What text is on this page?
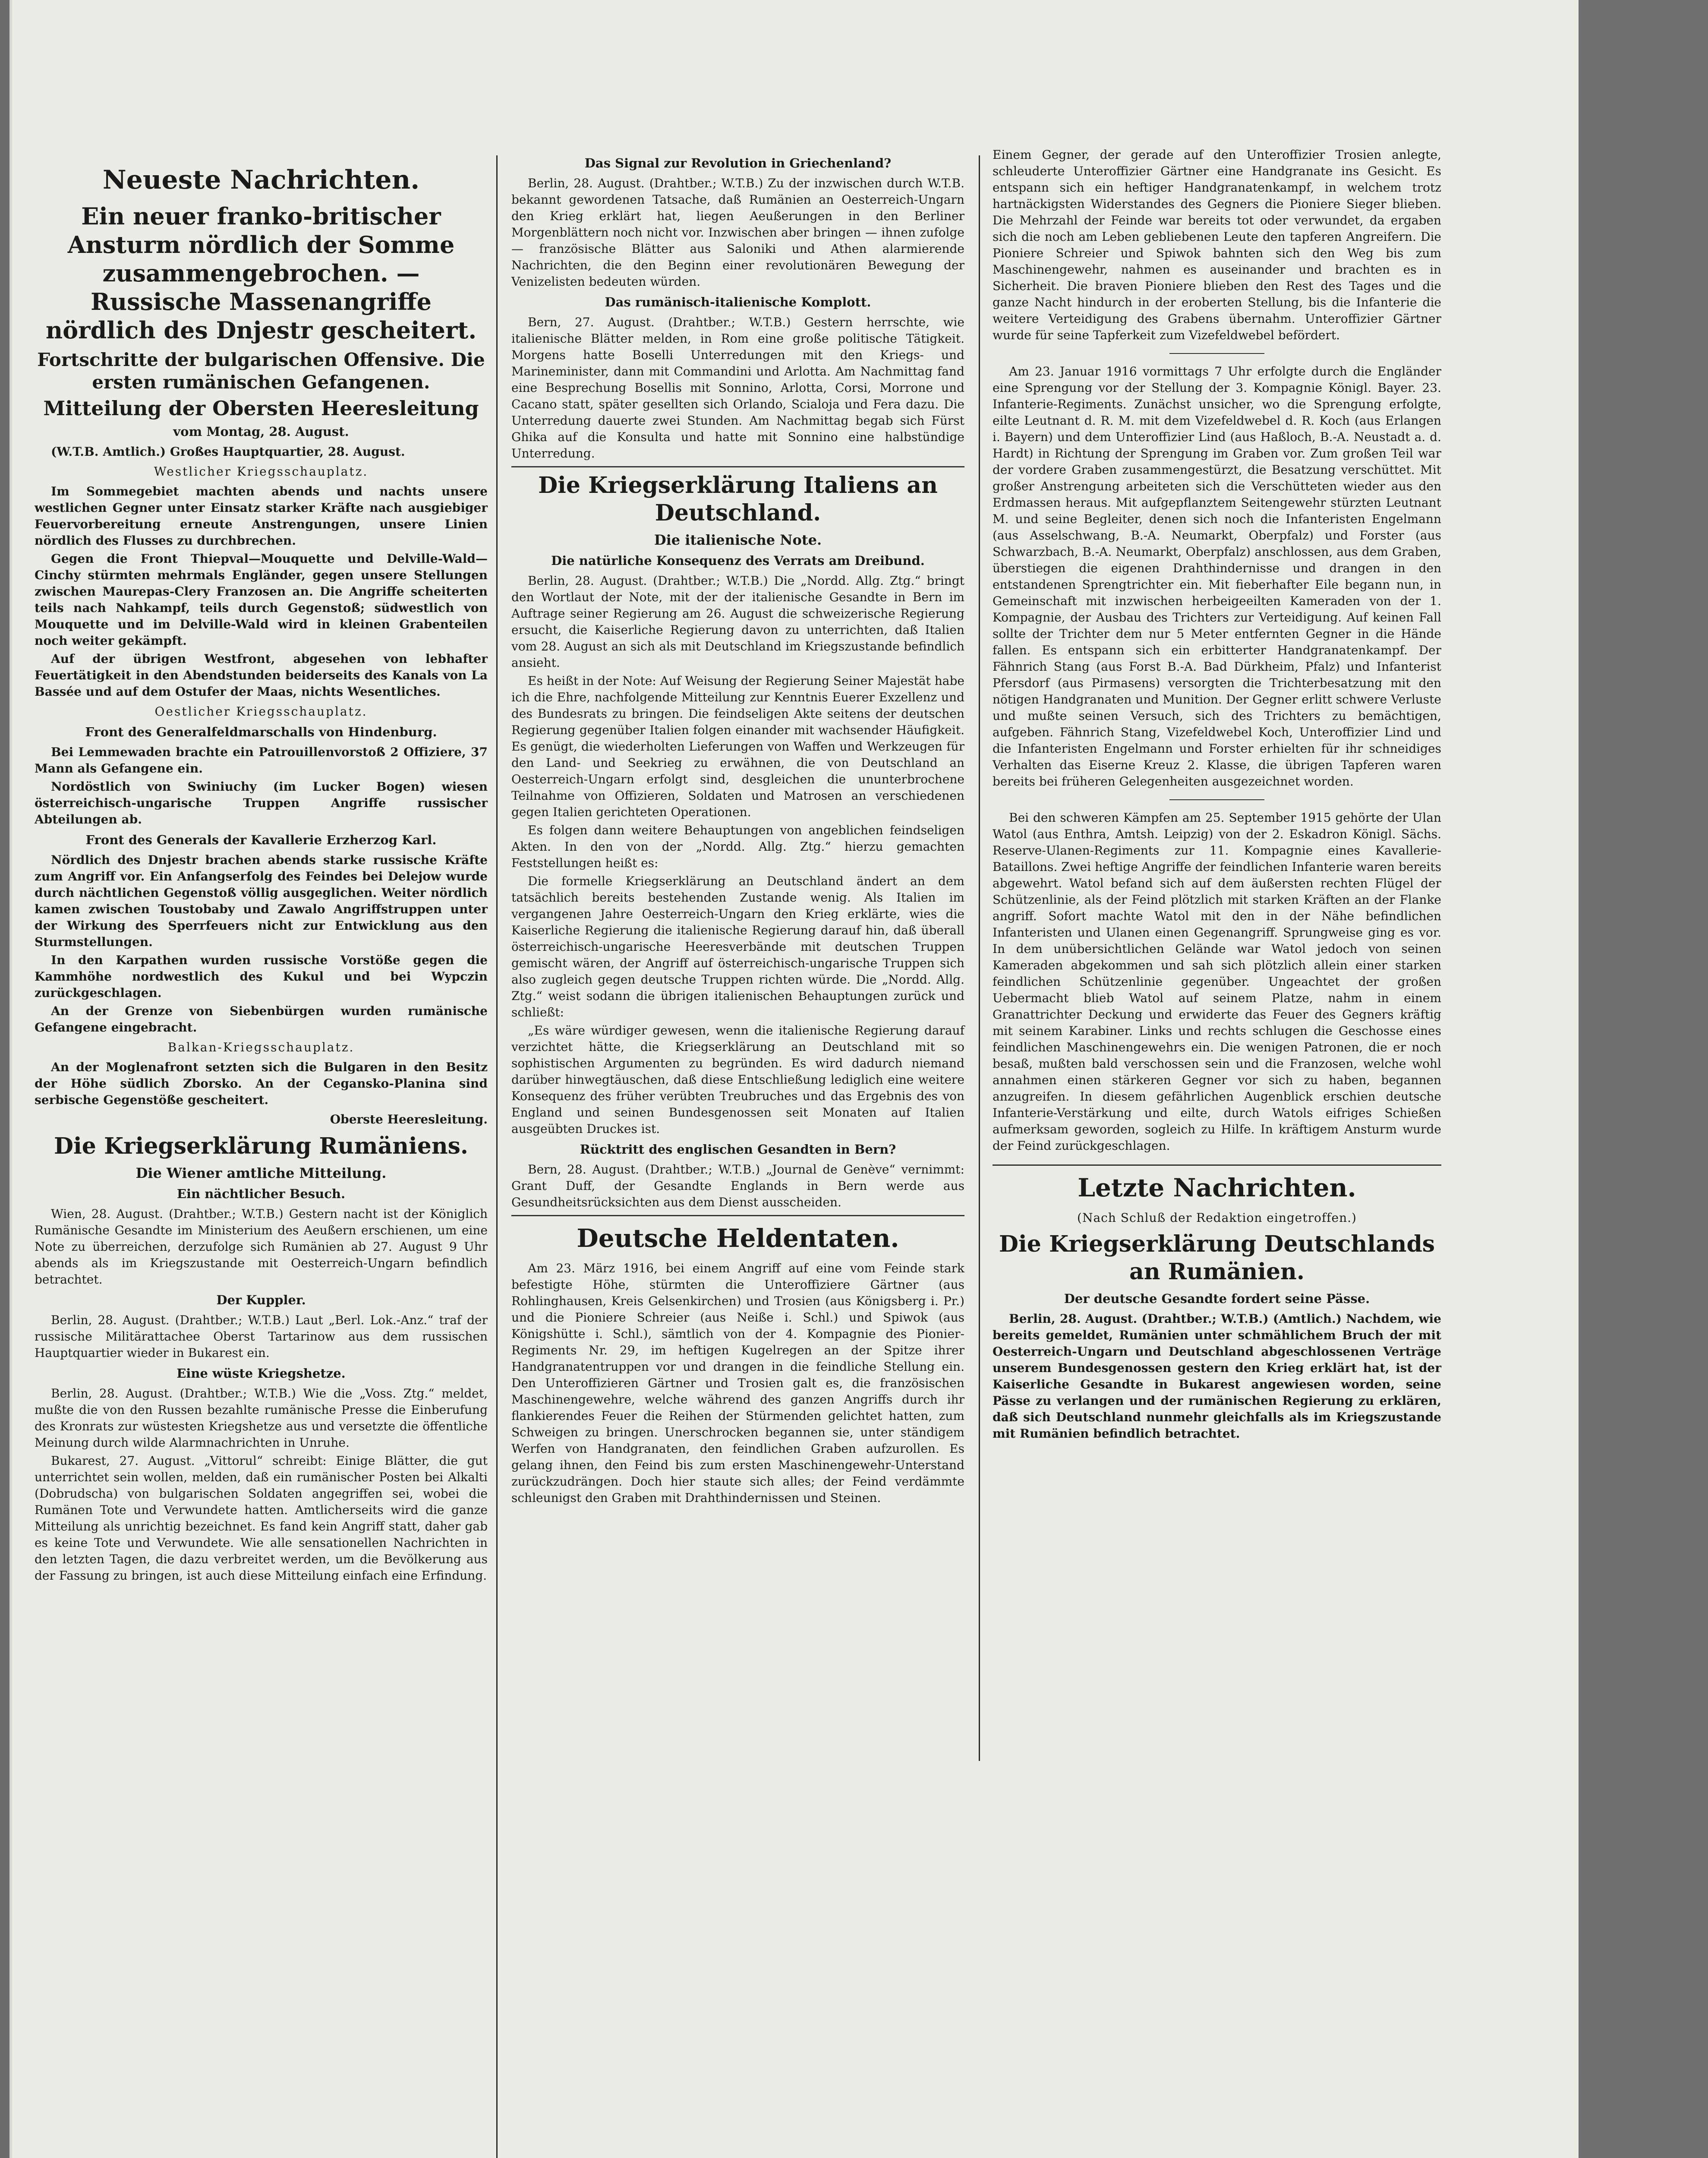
Neueste Nachrichten.
Ein neuer franko-britischer Ansturm nördlich der Somme zusammengebrochen. — Russische Massenangriffe nördlich des Dnjestr gescheitert.
Fortschritte der bulgarischen Offensive. Die ersten rumänischen Gefangenen.
Mitteilung der Obersten Heeresleitung
vom Montag, 28. August.

(W.T.B. Amtlich.) Großes Hauptquartier, 28. August.

Westlicher Kriegsschauplatz.

Im Sommegebiet machten abends und nachts unsere westlichen Gegner unter Einsatz starker Kräfte nach ausgiebiger Feuervorbereitung erneute Anstrengungen, unsere Linien nördlich des Flusses zu durchbrechen.

Gegen die Front Thiepval—Mouquette und Delville-Wald—Cinchy stürmten mehrmals Engländer, gegen unsere Stellungen zwischen Maurepas-Clery Franzosen an. Die Angriffe scheiterten teils nach Nahkampf, teils durch Gegenstoß; südwestlich von Mouquette und im Delville-Wald wird in kleinen Grabenteilen noch weiter gekämpft.

Auf der übrigen Westfront, abgesehen von lebhafter Feuertätigkeit in den Abendstunden beiderseits des Kanals von La Bassée und auf dem Ostufer der Maas, nichts Wesentliches.

Oestlicher Kriegsschauplatz.
Front des Generalfeldmarschalls von Hindenburg.

Bei Lemmewaden brachte ein Patrouillenvorstoß 2 Offiziere, 37 Mann als Gefangene ein.

Nordöstlich von Swiniuchy (im Lucker Bogen) wiesen österreichisch-ungarische Truppen Angriffe russischer Abteilungen ab.

Front des Generals der Kavallerie Erzherzog Karl.

Nördlich des Dnjestr brachen abends starke russische Kräfte zum Angriff vor. Ein Anfangserfolg des Feindes bei Delejow wurde durch nächtlichen Gegenstoß völlig ausgeglichen. Weiter nördlich kamen zwischen Toustobaby und Zawalo Angriffstruppen unter der Wirkung des Sperrfeuers nicht zur Entwicklung aus den Sturmstellungen.

In den Karpathen wurden russische Vorstöße gegen die Kammhöhe nordwestlich des Kukul und bei Wypczin zurückgeschlagen.

An der Grenze von Siebenbürgen wurden rumänische Gefangene eingebracht.

Balkan-Kriegsschauplatz.

An der Moglenafront setzten sich die Bulgaren in den Besitz der Höhe südlich Zborsko. An der Cegansko-Planina sind serbische Gegenstöße gescheitert.

Oberste Heeresleitung.
Die Kriegserklärung Rumäniens.
Die Wiener amtliche Mitteilung.
Ein nächtlicher Besuch.

Wien, 28. August. (Drahtber.; W.T.B.) Gestern nacht ist der Königlich Rumänische Gesandte im Ministerium des Aeußern erschienen, um eine Note zu überreichen, derzufolge sich Rumänien ab 27. August 9 Uhr abends als im Kriegszustande mit Oesterreich-Ungarn befindlich betrachtet.

Der Kuppler.

Berlin, 28. August. (Drahtber.; W.T.B.) Laut „Berl. Lok.-Anz.“ traf der russische Militärattachee Oberst Tartarinow aus dem russischen Hauptquartier wieder in Bukarest ein.

Eine wüste Kriegshetze.

Berlin, 28. August. (Drahtber.; W.T.B.) Wie die „Voss. Ztg.“ meldet, mußte die von den Russen bezahlte rumänische Presse die Einberufung des Kronrats zur wüstesten Kriegshetze aus und versetzte die öffentliche Meinung durch wilde Alarmnachrichten in Unruhe.

Bukarest, 27. August. „Vittorul“ schreibt: Einige Blätter, die gut unterrichtet sein wollen, melden, daß ein rumänischer Posten bei Alkalti (Dobrudscha) von bulgarischen Soldaten angegriffen sei, wobei die Rumänen Tote und Verwundete hatten. Amtlicherseits wird die ganze Mitteilung als unrichtig bezeichnet. Es fand kein Angriff statt, daher gab es keine Tote und Verwundete. Wie alle sensationellen Nachrichten in den letzten Tagen, die dazu verbreitet werden, um die Bevölkerung aus der Fassung zu bringen, ist auch diese Mitteilung einfach eine Erfindung.

Das Signal zur Revolution in Griechenland?

Berlin, 28. August. (Drahtber.; W.T.B.) Zu der inzwischen durch W.T.B. bekannt gewordenen Tatsache, daß Rumänien an Oesterreich-Ungarn den Krieg erklärt hat, liegen Aeußerungen in den Berliner Morgenblättern noch nicht vor. Inzwischen aber bringen — ihnen zufolge — französische Blätter aus Saloniki und Athen alarmierende Nachrichten, die den Beginn einer revolutionären Bewegung der Venizelisten bedeuten würden.

Das rumänisch-italienische Komplott.

Bern, 27. August. (Drahtber.; W.T.B.) Gestern herrschte, wie italienische Blätter melden, in Rom eine große politische Tätigkeit. Morgens hatte Boselli Unterredungen mit den Kriegs- und Marineminister, dann mit Commandini und Arlotta. Am Nachmittag fand eine Besprechung Bosellis mit Sonnino, Arlotta, Corsi, Morrone und Cacano statt, später gesellten sich Orlando, Scialoja und Fera dazu. Die Unterredung dauerte zwei Stunden. Am Nachmittag begab sich Fürst Ghika auf die Konsulta und hatte mit Sonnino eine halbstündige Unterredung.

Die Kriegserklärung Italiens an Deutschland.
Die italienische Note.
Die natürliche Konsequenz des Verrats am Dreibund.

Berlin, 28. August. (Drahtber.; W.T.B.) Die „Nordd. Allg. Ztg.“ bringt den Wortlaut der Note, mit der der italienische Gesandte in Bern im Auftrage seiner Regierung am 26. August die schweizerische Regierung ersucht, die Kaiserliche Regierung davon zu unterrichten, daß Italien vom 28. August an sich als mit Deutschland im Kriegszustande befindlich ansieht.

Es heißt in der Note: Auf Weisung der Regierung Seiner Majestät habe ich die Ehre, nachfolgende Mitteilung zur Kenntnis Euerer Exzellenz und des Bundesrats zu bringen. Die feindseligen Akte seitens der deutschen Regierung gegenüber Italien folgen einander mit wachsender Häufigkeit. Es genügt, die wiederholten Lieferungen von Waffen und Werkzeugen für den Land- und Seekrieg zu erwähnen, die von Deutschland an Oesterreich-Ungarn erfolgt sind, desgleichen die ununterbrochene Teilnahme von Offizieren, Soldaten und Matrosen an verschiedenen gegen Italien gerichteten Operationen.

Es folgen dann weitere Behauptungen von angeblichen feindseligen Akten. In den von der „Nordd. Allg. Ztg.“ hierzu gemachten Feststellungen heißt es:

Die formelle Kriegserklärung an Deutschland ändert an dem tatsächlich bereits bestehenden Zustande wenig. Als Italien im vergangenen Jahre Oesterreich-Ungarn den Krieg erklärte, wies die Kaiserliche Regierung die italienische Regierung darauf hin, daß überall österreichisch-ungarische Heeresverbände mit deutschen Truppen gemischt wären, der Angriff auf österreichisch-ungarische Truppen sich also zugleich gegen deutsche Truppen richten würde. Die „Nordd. Allg. Ztg.“ weist sodann die übrigen italienischen Behauptungen zurück und schließt:

„Es wäre würdiger gewesen, wenn die italienische Regierung darauf verzichtet hätte, die Kriegserklärung an Deutschland mit so sophistischen Argumenten zu begründen. Es wird dadurch niemand darüber hinwegtäuschen, daß diese Entschließung lediglich eine weitere Konsequenz des früher verübten Treubruches und das Ergebnis des von England und seinen Bundesgenossen seit Monaten auf Italien ausgeübten Druckes ist.

Rücktritt des englischen Gesandten in Bern?

Bern, 28. August. (Drahtber.; W.T.B.) „Journal de Genève“ vernimmt: Grant Duff, der Gesandte Englands in Bern werde aus Gesundheitsrücksichten aus dem Dienst ausscheiden.

Deutsche Heldentaten.

Am 23. März 1916, bei einem Angriff auf eine vom Feinde stark befestigte Höhe, stürmten die Unteroffiziere Gärtner (aus Rohlinghausen, Kreis Gelsenkirchen) und Trosien (aus Königsberg i. Pr.) und die Pioniere Schreier (aus Neiße i. Schl.) und Spiwok (aus Königshütte i. Schl.), sämtlich von der 4. Kompagnie des Pionier-Regiments Nr. 29, im heftigen Kugelregen an der Spitze ihrer Handgranatentruppen vor und drangen in die feindliche Stellung ein. Den Unteroffizieren Gärtner und Trosien galt es, die französischen Maschinengewehre, welche während des ganzen Angriffs durch ihr flankierendes Feuer die Reihen der Stürmenden gelichtet hatten, zum Schweigen zu bringen. Unerschrocken begannen sie, unter ständigem Werfen von Handgranaten, den feindlichen Graben aufzurollen. Es gelang ihnen, den Feind bis zum ersten Maschinengewehr-Unterstand zurückzudrängen. Doch hier staute sich alles; der Feind verdämmte schleunigst den Graben mit Drahthindernissen und Steinen.

Einem Gegner, der gerade auf den Unteroffizier Trosien anlegte, schleuderte Unteroffizier Gärtner eine Handgranate ins Gesicht. Es entspann sich ein heftiger Handgranatenkampf, in welchem trotz hartnäckigsten Widerstandes des Gegners die Pioniere Sieger blieben. Die Mehrzahl der Feinde war bereits tot oder verwundet, da ergaben sich die noch am Leben gebliebenen Leute den tapferen Angreifern. Die Pioniere Schreier und Spiwok bahnten sich den Weg bis zum Maschinengewehr, nahmen es auseinander und brachten es in Sicherheit. Die braven Pioniere blieben den Rest des Tages und die ganze Nacht hindurch in der eroberten Stellung, bis die Infanterie die weitere Verteidigung des Grabens übernahm. Unteroffizier Gärtner wurde für seine Tapferkeit zum Vizefeldwebel befördert.

Am 23. Januar 1916 vormittags 7 Uhr erfolgte durch die Engländer eine Sprengung vor der Stellung der 3. Kompagnie Königl. Bayer. 23. Infanterie-Regiments. Zunächst unsicher, wo die Sprengung erfolgte, eilte Leutnant d. R. M. mit dem Vizefeldwebel d. R. Koch (aus Erlangen i. Bayern) und dem Unteroffizier Lind (aus Haßloch, B.-A. Neustadt a. d. Hardt) in Richtung der Sprengung im Graben vor. Zum großen Teil war der vordere Graben zusammengestürzt, die Besatzung verschüttet. Mit großer Anstrengung arbeiteten sich die Verschütteten wieder aus den Erdmassen heraus. Mit aufgepflanztem Seitengewehr stürzten Leutnant M. und seine Begleiter, denen sich noch die Infanteristen Engelmann (aus Asselschwang, B.-A. Neumarkt, Oberpfalz) und Forster (aus Schwarzbach, B.-A. Neumarkt, Oberpfalz) anschlossen, aus dem Graben, überstiegen die eigenen Drahthindernisse und drangen in den entstandenen Sprengtrichter ein. Mit fieberhafter Eile begann nun, in Gemeinschaft mit inzwischen herbeigeeilten Kameraden von der 1. Kompagnie, der Ausbau des Trichters zur Verteidigung. Auf keinen Fall sollte der Trichter dem nur 5 Meter entfernten Gegner in die Hände fallen. Es entspann sich ein erbitterter Handgranatenkampf. Der Fähnrich Stang (aus Forst B.-A. Bad Dürkheim, Pfalz) und Infanterist Pfersdorf (aus Pirmasens) versorgten die Trichterbesatzung mit den nötigen Handgranaten und Munition. Der Gegner erlitt schwere Verluste und mußte seinen Versuch, sich des Trichters zu bemächtigen, aufgeben. Fähnrich Stang, Vizefeldwebel Koch, Unteroffizier Lind und die Infanteristen Engelmann und Forster erhielten für ihr schneidiges Verhalten das Eiserne Kreuz 2. Klasse, die übrigen Tapferen waren bereits bei früheren Gelegenheiten ausgezeichnet worden.

Bei den schweren Kämpfen am 25. September 1915 gehörte der Ulan Watol (aus Enthra, Amtsh. Leipzig) von der 2. Eskadron Königl. Sächs. Reserve-Ulanen-Regiments zur 11. Kompagnie eines Kavallerie-Bataillons. Zwei heftige Angriffe der feindlichen Infanterie waren bereits abgewehrt. Watol befand sich auf dem äußersten rechten Flügel der Schützenlinie, als der Feind plötzlich mit starken Kräften an der Flanke angriff. Sofort machte Watol mit den in der Nähe befindlichen Infanteristen und Ulanen einen Gegenangriff. Sprungweise ging es vor. In dem unübersichtlichen Gelände war Watol jedoch von seinen Kameraden abgekommen und sah sich plötzlich allein einer starken feindlichen Schützenlinie gegenüber. Ungeachtet der großen Uebermacht blieb Watol auf seinem Platze, nahm in einem Granattrichter Deckung und erwiderte das Feuer des Gegners kräftig mit seinem Karabiner. Links und rechts schlugen die Geschosse eines feindlichen Maschinengewehrs ein. Die wenigen Patronen, die er noch besaß, mußten bald verschossen sein und die Franzosen, welche wohl annahmen einen stärkeren Gegner vor sich zu haben, begannen anzugreifen. In diesem gefährlichen Augenblick erschien deutsche Infanterie-Verstärkung und eilte, durch Watols eifriges Schießen aufmerksam geworden, sogleich zu Hilfe. In kräftigem Ansturm wurde der Feind zurückgeschlagen.

Letzte Nachrichten.
(Nach Schluß der Redaktion eingetroffen.)
Die Kriegserklärung Deutschlands an Rumänien.
Der deutsche Gesandte fordert seine Pässe.

Berlin, 28. August. (Drahtber.; W.T.B.) (Amtlich.) Nachdem, wie bereits gemeldet, Rumänien unter schmählichem Bruch der mit Oesterreich-Ungarn und Deutschland abgeschlossenen Verträge unserem Bundesgenossen gestern den Krieg erklärt hat, ist der Kaiserliche Gesandte in Bukarest angewiesen worden, seine Pässe zu verlangen und der rumänischen Regierung zu erklären, daß sich Deutschland nunmehr gleichfalls als im Kriegszustande mit Rumänien befindlich betrachtet.
